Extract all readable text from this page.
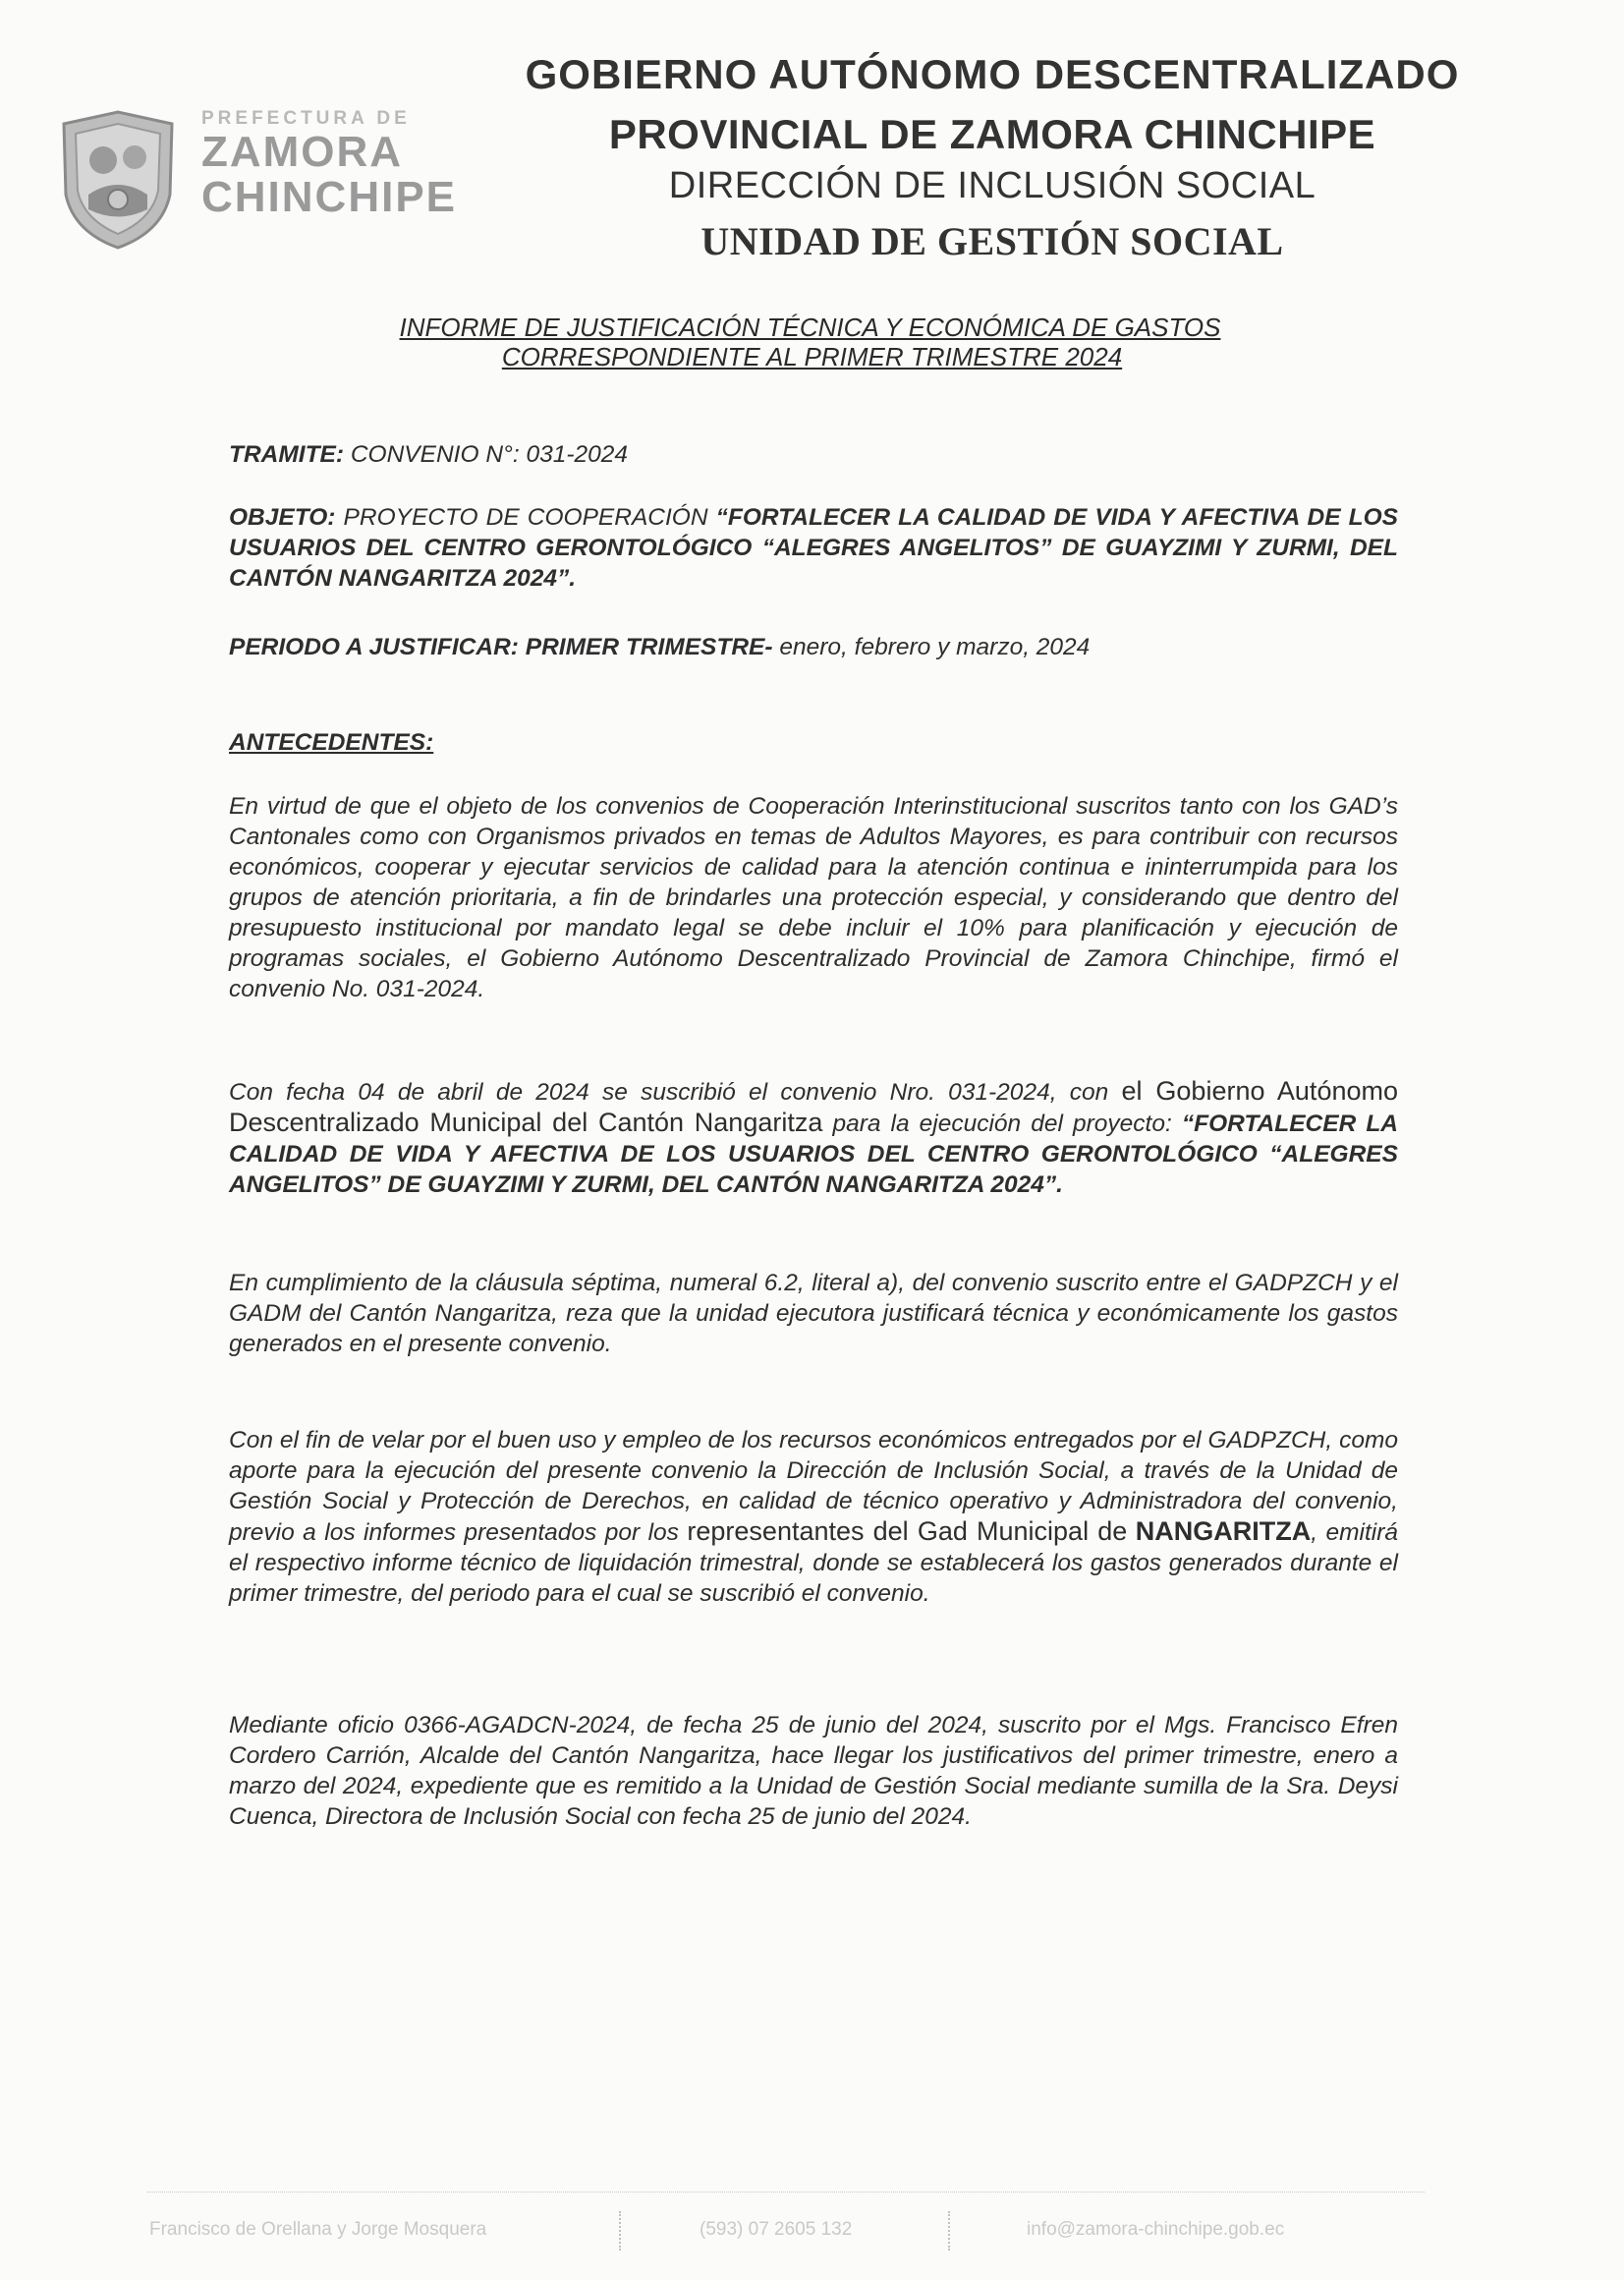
PREFECTURA DE
ZAMORA
CHINCHIPE
GOBIERNO AUTÓNOMO DESCENTRALIZADO
PROVINCIAL DE ZAMORA CHINCHIPE
DIRECCIÓN DE INCLUSIÓN SOCIAL
UNIDAD DE GESTIÓN SOCIAL
INFORME DE JUSTIFICACIÓN TÉCNICA Y ECONÓMICA DE GASTOS
CORRESPONDIENTE AL PRIMER TRIMESTRE 2024
TRAMITE: CONVENIO N°: 031-2024
OBJETO: PROYECTO DE COOPERACIÓN “FORTALECER LA CALIDAD DE VIDA Y AFECTIVA DE LOS USUARIOS DEL CENTRO GERONTOLÓGICO “ALEGRES ANGELITOS” DE GUAYZIMI Y ZURMI, DEL CANTÓN NANGARITZA 2024”.
PERIODO A JUSTIFICAR: PRIMER TRIMESTRE- enero, febrero y marzo, 2024
ANTECEDENTES:
En virtud de que el objeto de los convenios de Cooperación Interinstitucional suscritos tanto con los GAD’s Cantonales como con Organismos privados en temas de Adultos Mayores, es para contribuir con recursos económicos, cooperar y ejecutar servicios de calidad para la atención continua e ininterrumpida para los grupos de atención prioritaria, a fin de brindarles una protección especial, y considerando que dentro del presupuesto institucional por mandato legal se debe incluir el 10% para planificación y ejecución de programas sociales, el Gobierno Autónomo Descentralizado Provincial de Zamora Chinchipe, firmó el convenio No. 031-2024.
Con fecha 04 de abril de 2024 se suscribió el convenio Nro. 031-2024, con el Gobierno Autónomo Descentralizado Municipal del Cantón Nangaritza para la ejecución del proyecto: “FORTALECER LA CALIDAD DE VIDA Y AFECTIVA DE LOS USUARIOS DEL CENTRO GERONTOLÓGICO “ALEGRES ANGELITOS” DE GUAYZIMI Y ZURMI, DEL CANTÓN NANGARITZA 2024”.
En cumplimiento de la cláusula séptima, numeral 6.2, literal a), del convenio suscrito entre el GADPZCH y el GADM del Cantón Nangaritza, reza que la unidad ejecutora justificará técnica y económicamente los gastos generados en el presente convenio.
Con el fin de velar por el buen uso y empleo de los recursos económicos entregados por el GADPZCH, como aporte para la ejecución del presente convenio la Dirección de Inclusión Social, a través de la Unidad de Gestión Social y Protección de Derechos, en calidad de técnico operativo y Administradora del convenio, previo a los informes presentados por los representantes del Gad Municipal de NANGARITZA, emitirá el respectivo informe técnico de liquidación trimestral, donde se establecerá los gastos generados durante el primer trimestre, del periodo para el cual se suscribió el convenio.
Mediante oficio 0366-AGADCN-2024, de fecha 25 de junio del 2024, suscrito por el Mgs. Francisco Efren Cordero Carrión, Alcalde del Cantón Nangaritza, hace llegar los justificativos del primer trimestre, enero a marzo del 2024, expediente que es remitido a la Unidad de Gestión Social mediante sumilla de la Sra. Deysi Cuenca, Directora de Inclusión Social con fecha 25 de junio del 2024.
Francisco de Orellana y Jorge Mosquera	(593) 07 2605 132	info@zamora-chinchipe.gob.ec
